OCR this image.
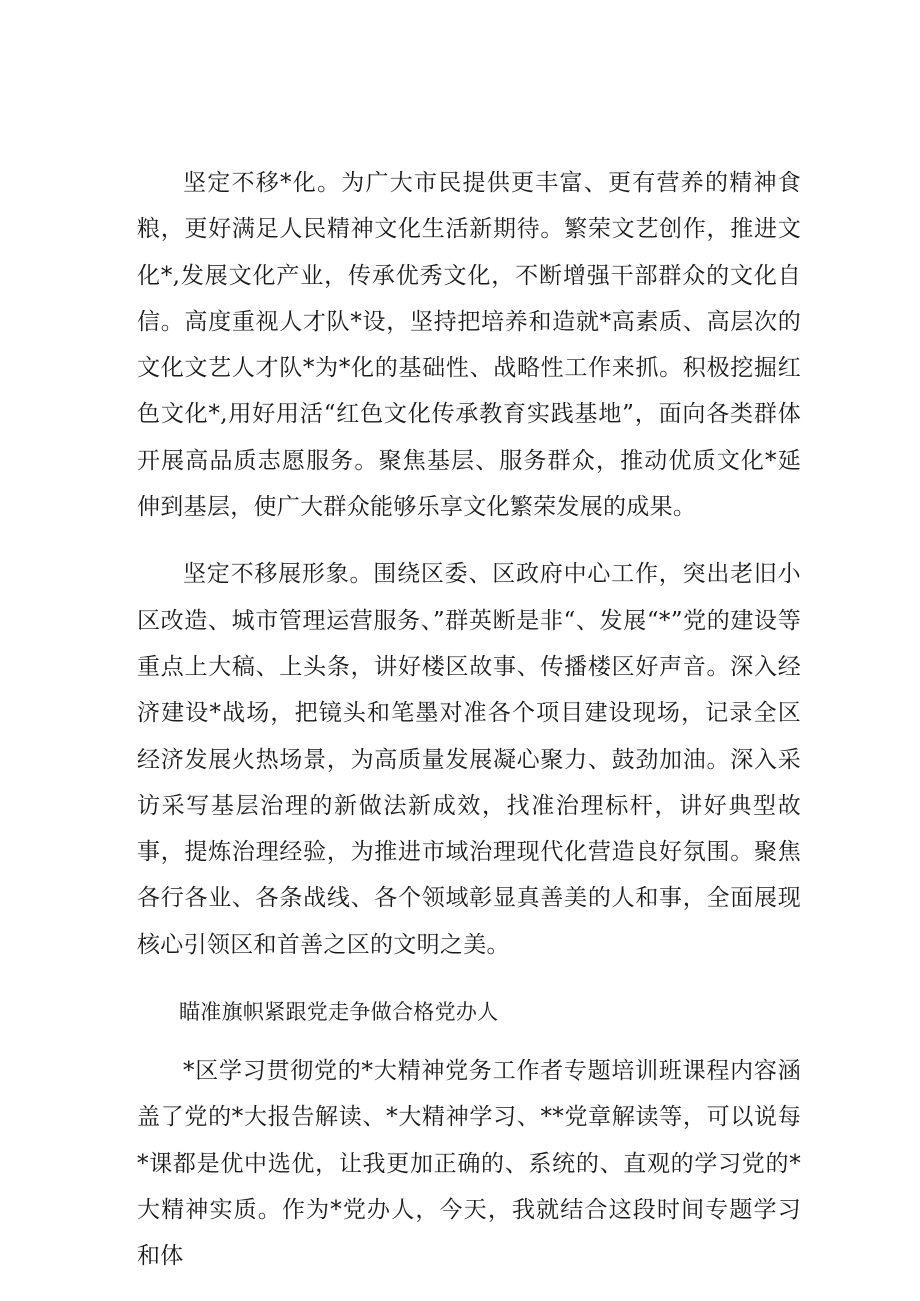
坚定不移*化。为广大市民提供更丰富、更有营养的精神食粮，更好满足人民精神文化生活新期待。繁荣文艺创作，推进文化*,发展文化产业，传承优秀文化，不断增强干部群众的文化自信。高度重视人才队*设，坚持把培养和造就*高素质、高层次的文化文艺人才队*为*化的基础性、战略性工作来抓。积极挖掘红色文化*,用好用活“红色文化传承教育实践基地”，面向各类群体开展高品质志愿服务。聚焦基层、服务群众，推动优质文化*延伸到基层，使广大群众能够乐享文化繁荣发展的成果。

坚定不移展形象。围绕区委、区政府中心工作，突出老旧小区改造、城市管理运营服务、”群英断是非“、发展“*”党的建设等重点上大稿、上头条，讲好楼区故事、传播楼区好声音。深入经济建设*战场，把镜头和笔墨对准各个项目建设现场，记录全区经济发展火热场景，为高质量发展凝心聚力、鼓劲加油。深入采访采写基层治理的新做法新成效，找准治理标杆，讲好典型故事，提炼治理经验，为推进市域治理现代化营造良好氛围。聚焦各行各业、各条战线、各个领域彰显真善美的人和事，全面展现核心引领区和首善之区的文明之美。

瞄准旗帜紧跟党走争做合格党办人

*区学习贯彻党的*大精神党务工作者专题培训班课程内容涵盖了党的*大报告解读、*大精神学习、**党章解读等，可以说每*课都是优中选优，让我更加正确的、系统的、直观的学习党的*大精神实质。作为*党办人，今天，我就结合这段时间专题学习和体
